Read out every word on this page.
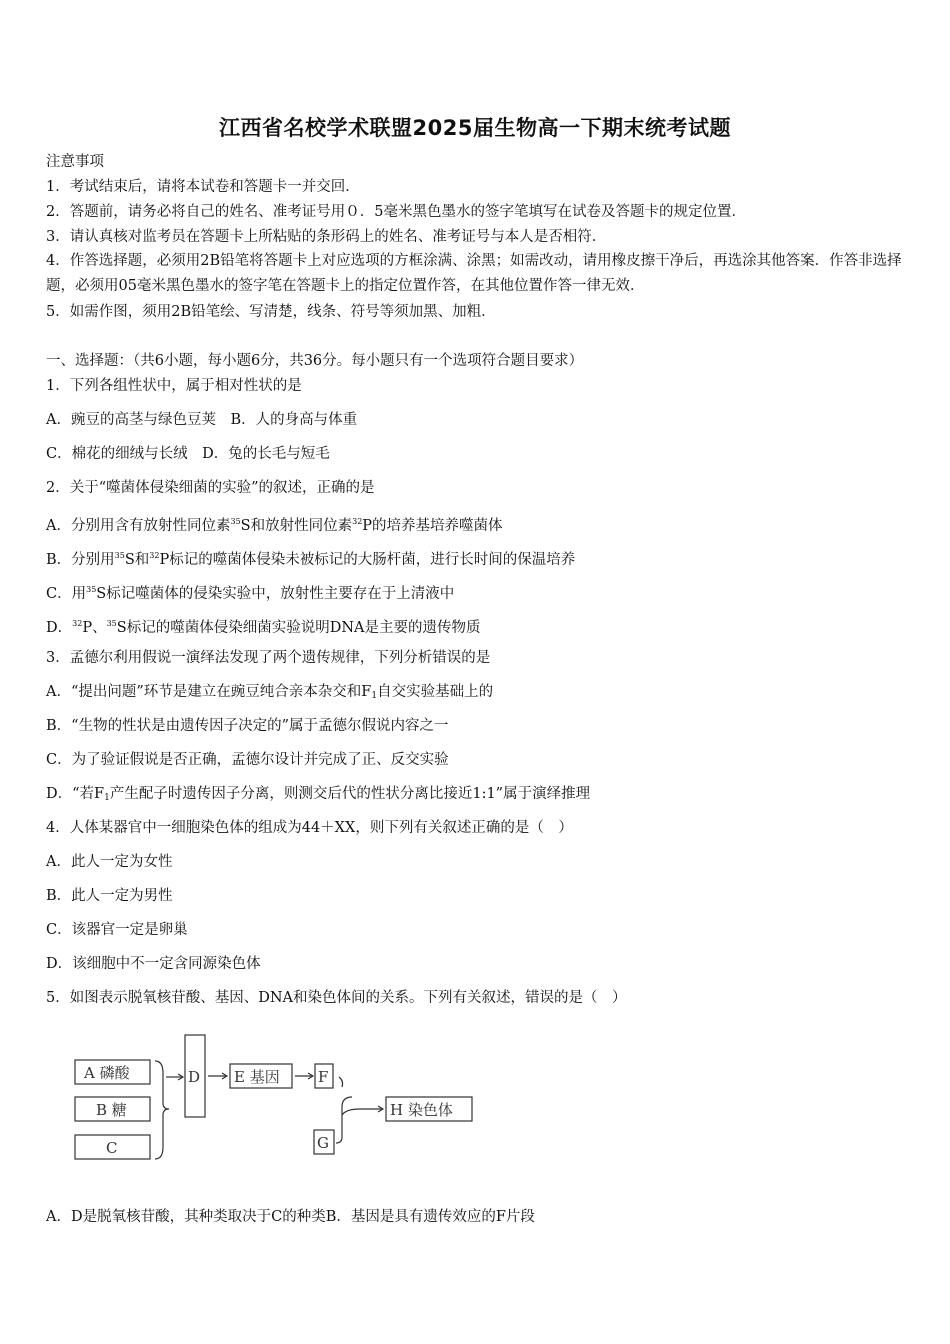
江西省名校学术联盟2025届生物高一下期末统考试题
注意事项
1．考试结束后，请将本试卷和答题卡一并交回．
2．答题前，请务必将自己的姓名、准考证号用０．5毫米黑色墨水的签字笔填写在试卷及答题卡的规定位置．
3．请认真核对监考员在答题卡上所粘贴的条形码上的姓名、准考证号与本人是否相符．
4．作答选择题，必须用2B铅笔将答题卡上对应选项的方框涂满、涂黑；如需改动，请用橡皮擦干净后，再选涂其他答案．作答非选择题，必须用05毫米黑色墨水的签字笔在答题卡上的指定位置作答，在其他位置作答一律无效．
5．如需作图，须用2B铅笔绘、写清楚，线条、符号等须加黑、加粗．
一、选择题：（共6小题，每小题6分，共36分。每小题只有一个选项符合题目要求）
1．下列各组性状中，属于相对性状的是
A．豌豆的高茎与绿色豆荚　B．人的身高与体重
C．棉花的细绒与长绒　D．兔的长毛与短毛
2．关于“噬菌体侵染细菌的实验”的叙述，正确的是
A．分别用含有放射性同位素$^{35}$S和放射性同位素$^{32}$P的培养基培养噬菌体
B．分别用$^{35}$S和$^{32}$P标记的噬菌体侵染未被标记的大肠杆菌，进行长时间的保温培养
C．用$^{35}$S标记噬菌体的侵染实验中，放射性主要存在于上清液中
D．$^{32}$P、$^{35}$S标记的噬菌体侵染细菌实验说明DNA是主要的遗传物质
3．孟德尔利用假说一演绎法发现了两个遗传规律，下列分析错误的是
A．“提出问题”环节是建立在豌豆纯合亲本杂交和$F_1$自交实验基础上的
B．“生物的性状是由遗传因子决定的”属于孟德尔假说内容之一
C．为了验证假说是否正确，孟德尔设计并完成了正、反交实验
D．“若$F_1$产生配子时遗传因子分离，则测交后代的性状分离比接近1:1”属于演绎推理
4．人体某器官中一细胞染色体的组成为44＋XX，则下列有关叙述正确的是（　）
A．此人一定为女性
B．此人一定为男性
C．该器官一定是卵巢
D．该细胞中不一定含同源染色体
5．如图表示脱氧核苷酸、基因、DNA和染色体间的关系。下列有关叙述，错误的是（　）
A 磷酸
B 糖
C
D E 基因	F
G
H 染色体
A．D是脱氧核苷酸，其种类取决于C的种类B．基因是具有遗传效应的F片段
